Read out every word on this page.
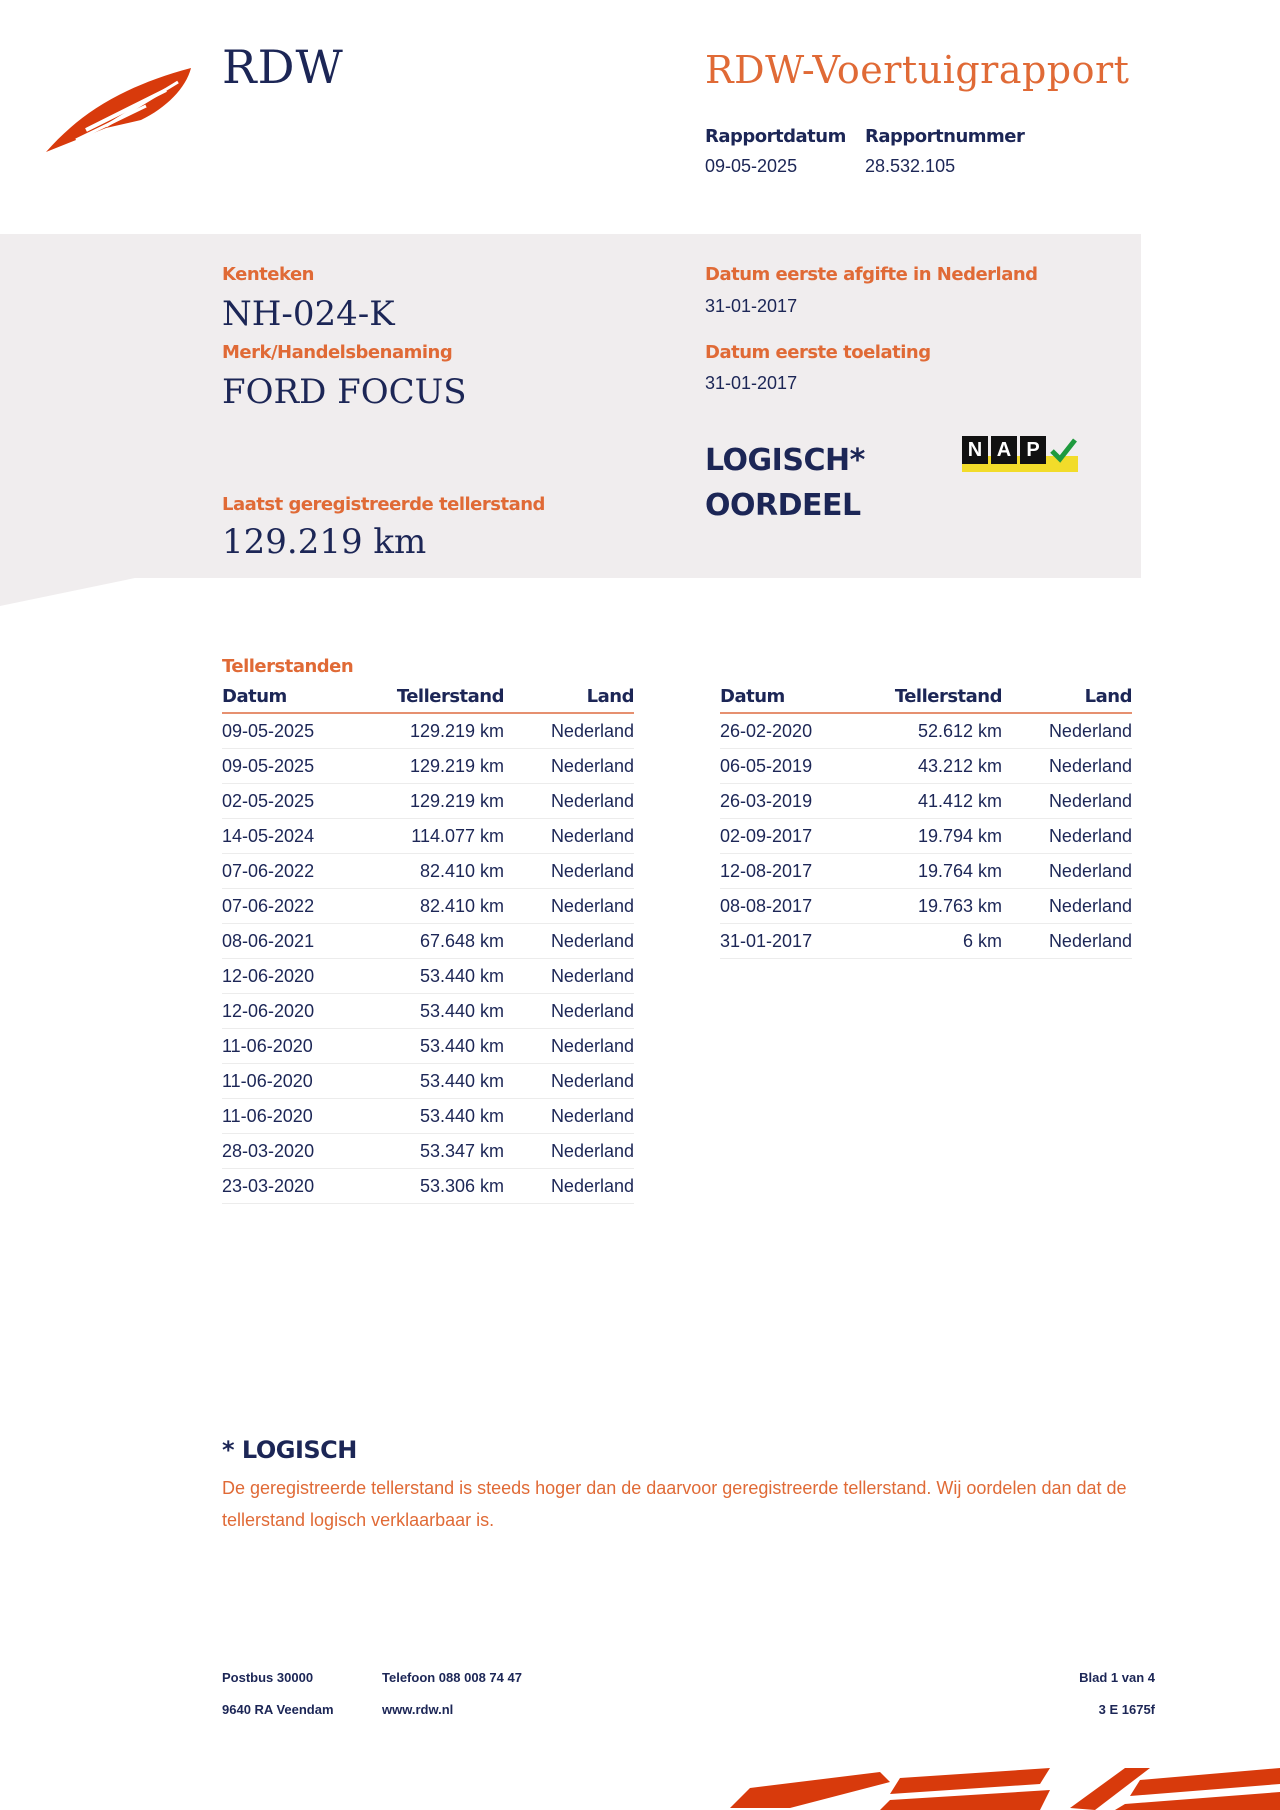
RDW	RDW-Voertuigrapport
Rapportdatum
09-05-2025
Rapportnummer
28.532.105
Kenteken
NH-024-K
Merk/Handelsbenaming
FORD FOCUS
Laatst geregistreerde tellerstand
129.219 km
Datum eerste afgifte in Nederland
31-01-2017
Datum eerste toelating
31-01-2017
LOGISCH*
OORDEEL
N A P
Tellerstanden
Datum	Tellerstand	Land
09-05-2025	129.219 km	Nederland
09-05-2025	129.219 km	Nederland
02-05-2025	129.219 km	Nederland
14-05-2024	114.077 km	Nederland
07-06-2022	82.410 km	Nederland
07-06-2022	82.410 km	Nederland
08-06-2021	67.648 km	Nederland
12-06-2020	53.440 km	Nederland
12-06-2020	53.440 km	Nederland
11-06-2020	53.440 km	Nederland
11-06-2020	53.440 km	Nederland
11-06-2020	53.440 km	Nederland
28-03-2020	53.347 km	Nederland
23-03-2020	53.306 km	Nederland
Datum	Tellerstand	Land
26-02-2020	52.612 km	Nederland
06-05-2019	43.212 km	Nederland
26-03-2019	41.412 km	Nederland
02-09-2017	19.794 km	Nederland
12-08-2017	19.764 km	Nederland
08-08-2017	19.763 km	Nederland
31-01-2017	6 km	Nederland
* LOGISCH
De geregistreerde tellerstand is steeds hoger dan de daarvoor geregistreerde tellerstand. Wij oordelen dan dat de tellerstand logisch verklaarbaar is.
Postbus 30000
9640 RA Veendam
Telefoon 088 008 74 47
www.rdw.nl
Blad 1 van 4
3 E 1675f
